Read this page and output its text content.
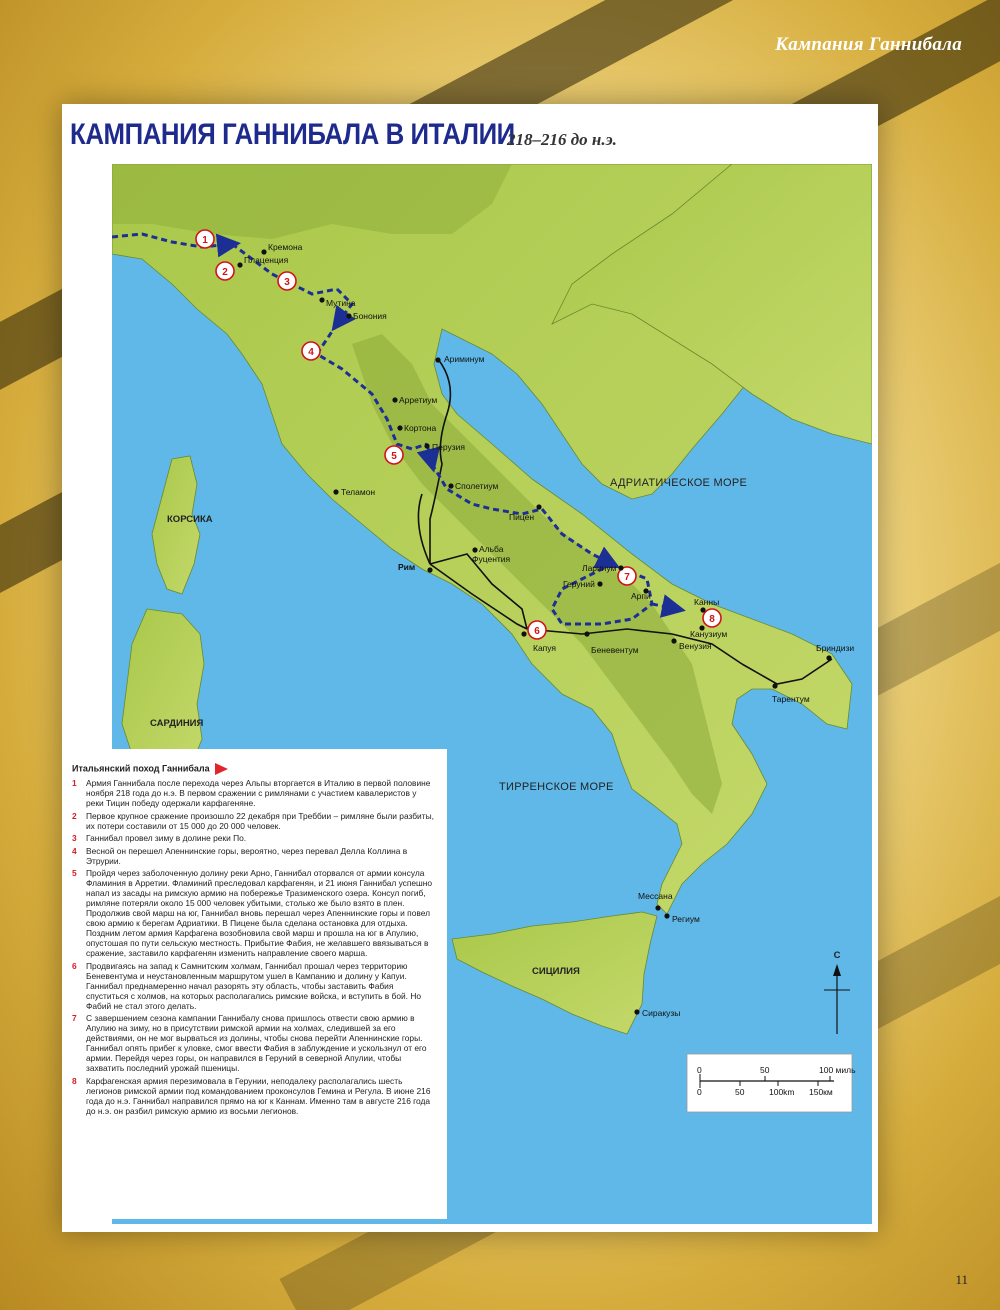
Кампания Ганнибала
КАМПАНИЯ ГАННИБАЛА В ИТАЛИИ
218–216 до н.э.
1
2
3
4
5
6
7
8
Кремона
Плаценция
Мутина
Бонония
Ариминум
Арретиум
Кортона
Перузия
Сполетиум
Теламон
Пицен
Альба
Фуцентия
Рим	Ларинум
Геруний
Арпи
Канны
Канузиум
Венузия
Беневентум
Капуя	Бриндизи
Тарентум
Мессана
Региум
Сиракузы
АДРИАТИЧЕСКОЕ МОРЕ
ТИРРЕНСКОЕ МОРЕ
КОРСИКА
САРДИНИЯ
СИЦИЛИЯ
С
0	50	100 миль
0	50	100km 150км
Итальянский поход Ганнибала
1 Армия Ганнибала после перехода через Альпы вторгается в Италию в первой половине ноября 218 года до н.э. В первом сражении с римлянами с участием кавалеристов у реки Тицин победу одержали карфагеняне.
2 Первое крупное сражение произошло 22 декабря при Треббии – римляне были разбиты, их потери составили от 15 000 до 20 000 человек.
3 Ганнибал провел зиму в долине реки По.
4 Весной он перешел Апеннинские горы, вероятно, через перевал Делла Коллина в Этрурии.
5 Пройдя через заболоченную долину реки Арно, Ганнибал оторвался от армии консула Фламиния в Арретии. Фламиний преследовал карфагенян, и 21 июня Ганнибал успешно напал из засады на римскую армию на побережье Тразименского озера. Консул погиб, римляне потеряли около 15 000 человек убитыми, столько же было взято в плен. Продолжив свой марш на юг, Ганнибал вновь перешал через Апеннинские горы и повел свою армию к берегам Адриатики. В Пицене была сделана остановка для отдыха. Поздним летом армия Карфагена возобновила свой марш и прошла на юг в Апулию, опустошая по пути сельскую местность. Прибытие Фабия, не желавшего ввязываться в сражение, заставило карфагенян изменить направление своего марша.
6 Продвигаясь на запад к Самнитским холмам, Ганнибал прошал через территорию Беневентума и неустановленным маршрутом ушел в Кампанию и долину у Капуи. Ганнибал преднамеренно начал разорять эту область, чтобы заставить Фабия спуститься с холмов, на которых располагались римские войска, и вступить в бой. Но Фабий не стал этого делать.
7 С завершением сезона кампании Ганнибалу снова пришлось отвести свою армию в Апулию на зиму, но в присутствии римской армии на холмах, следившей за его действиями, он не мог вырваться из долины, чтобы снова перейти Апеннинские горы. Ганнибал опять прибег к уловке, смог ввести Фабия в заблуждение и ускользнул от его армии. Перейдя через горы, он направился в Геруний в северной Апулии, чтобы захватить последний урожай пшеницы.
8 Карфагенская армия перезимовала в Герунии, неподалеку располагались шесть легионов римской армии под командованием проконсулов Гемина и Регула. В июне 216 года до н.э. Ганнибал направился прямо на юг к Каннам. Именно там в августе 216 года до н.э. он разбил римскую армию из восьми легионов.
11
